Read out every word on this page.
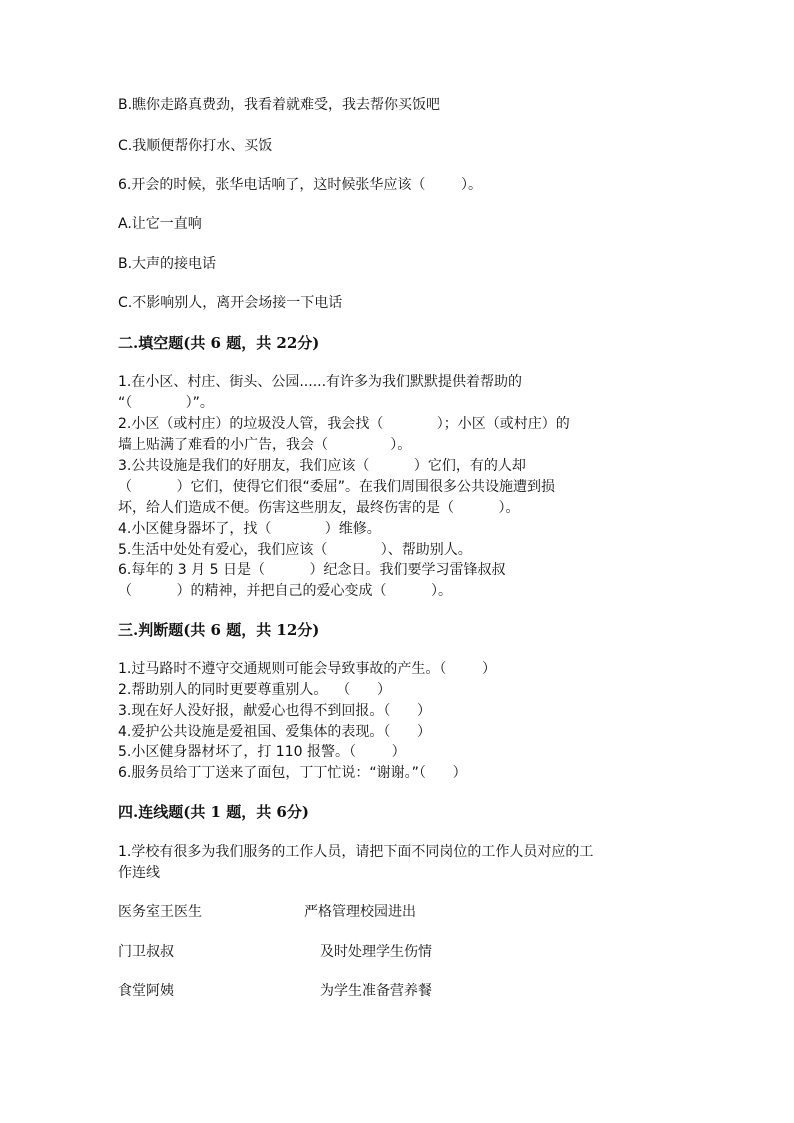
B.瞧你走路真费劲，我看着就难受，我去帮你买饭吧

C.我顺便帮你打水、买饭

6.开会的时候，张华电话响了，这时候张华应该（        ）。

A.让它一直响

B.大声的接电话

C.不影响别人，离开会场接一下电话

二.填空题(共 6 题，共 22分)

1.在小区、村庄、街头、公园......有许多为我们默默提供着帮助的

“（            ）”。

2.小区（或村庄）的垃圾没人管，我会找（            ）；小区（或村庄）的

墙上贴满了难看的小广告，我会（              ）。

3.公共设施是我们的好朋友，我们应该（          ）它们，有的人却

（          ）它们，使得它们很“委屈”。在我们周围很多公共设施遭到损

坏，给人们造成不便。伤害这些朋友，最终伤害的是（          ）。

4.小区健身器坏了，找（            ）维修。

5.生活中处处有爱心，我们应该（            ）、帮助别人。

6.每年的 3 月 5 日是（          ）纪念日。我们要学习雷锋叔叔

（          ）的精神，并把自己的爱心变成（          ）。

三.判断题(共 6 题，共 12分)

1.过马路时不遵守交通规则可能会导致事故的产生。（        ）

2.帮助别人的同时更要尊重别人。  （      ）

3.现在好人没好报，献爱心也得不到回报。（      ）

4.爱护公共设施是爱祖国、爱集体的表现。（      ）

5.小区健身器材坏了，打 110 报警。（        ）

6.服务员给丁丁送来了面包，丁丁忙说：“谢谢。”（      ）

四.连线题(共 1 题，共 6分)

1.学校有很多为我们服务的工作人员，请把下面不同岗位的工作人员对应的工

作连线

医务室王医生	严格管理校园进出
门卫叔叔	及时处理学生伤情
食堂阿姨	为学生准备营养餐
